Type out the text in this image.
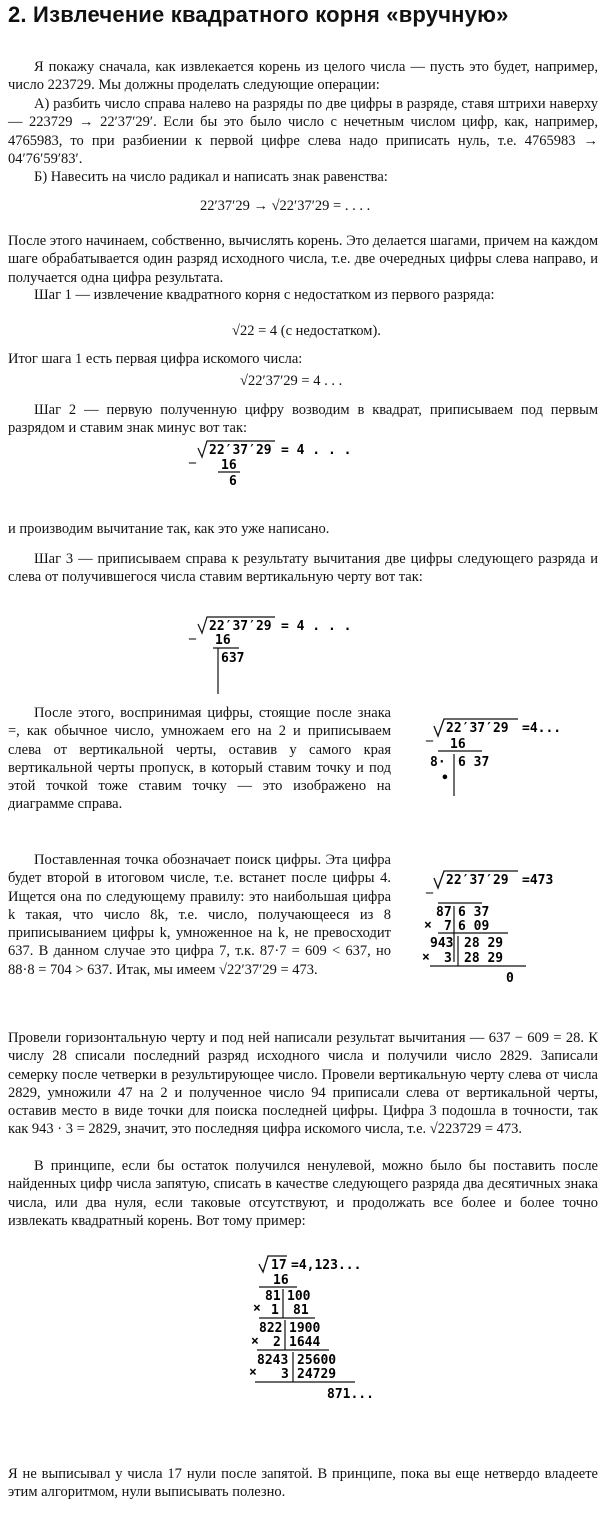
2. Извлечение квадратного корня «вручную»

Я покажу сначала, как извлекается корень из целого числа — пусть это будет, например, число 223729. Мы должны проделать следующие операции:

А) разбить число справа налево на разряды по две цифры в разряде, ставя штрихи наверху — 223729 → 22′37′29′. Если бы это было число с нечетным числом цифр, как, например, 4765983, то при разбиении к первой цифре слева надо приписать нуль, т.е. 4765983 → 04′76′59′83′.

Б) Навесить на число радикал и написать знак равенства:

22′37′29 → √22′37′29 = . . . .

После этого начинаем, собственно, вычислять корень. Это делается шагами, причем на каждом шаге обрабатывается один разряд исходного числа, т.е. две очередных цифры слева направо, и получается одна цифра результата.

Шаг 1 — извлечение квадратного корня с недостатком из первого разряда:

√22 = 4 (с недостатком).

Итог шага 1 есть первая цифра искомого числа:

√22′37′29 = 4 . . .

Шаг 2 — первую полученную цифру возводим в квадрат, приписываем под первым разрядом и ставим знак минус вот так:

_ 22′37′29 = 4 . . .
16
6

и производим вычитание так, как это уже написано.

Шаг 3 — приписываем справа к результату вычитания две цифры следующего разряда и слева от получившегося числа ставим вертикальную черту вот так:

_ 22′37′29 = 4 . . .
16
637

После этого, воспринимая цифры, стоящие после знака =, как обычное число, умножаем его на 2 и приписываем слева от вертикальной черты, оставив у самого края вертикальной черты пропуск, в который ставим точку и под этой точкой тоже ставим точку — это изображено на диаграмме справа.

_ 22′37′29 =4...
16
8· 6 37
•

Поставленная точка обозначает поиск цифры. Эта цифра будет второй в итоговом числе, т.е. встанет после цифры 4. Ищется она по следующему правилу: это наибольшая цифра k такая, что число 8k, т.е. число, получающееся из 8 приписыванием цифры k, умноженное на k, не превосходит 637. В данном случае это цифра 7, т.к. 87·7 = 609 < 637, но 88·8 = 704 > 637. Итак, мы имеем √22′37′29 = 473.

_ 22′37′29 =473
87
×
6 37
7 6 09
943
×
28 29
3 28 29
0

Провели горизонтальную черту и под ней написали результат вычитания — 637 − 609 = 28. К числу 28 списали последний разряд исходного числа и получили число 2829. Записали семерку после четверки в результирующее число. Провели вертикальную черту слева от числа 2829, умножили 47 на 2 и полученное число 94 приписали слева от вертикальной черты, оставив место в виде точки для поиска последней цифры. Цифра 3 подошла в точности, так как 943 · 3 = 2829, значит, это последняя цифра искомого числа, т.е. √223729 = 473.

В принципе, если бы остаток получился ненулевой, можно было бы поставить после найденных цифр числа запятую, списать в качестве следующего разряда два десятичных знака числа, или два нуля, если таковые отсутствуют, и продолжать все более и более точно извлекать квадратный корень. Вот тому пример:

17 =4,123...
16
81 100
× 1 81
822 1900
× 2 1644
8243 25600
× 3 24729
871...

Я не выписывал у числа 17 нули после запятой. В принципе, пока вы еще нетвердо владеете этим алгоритмом, нули выписывать полезно.
